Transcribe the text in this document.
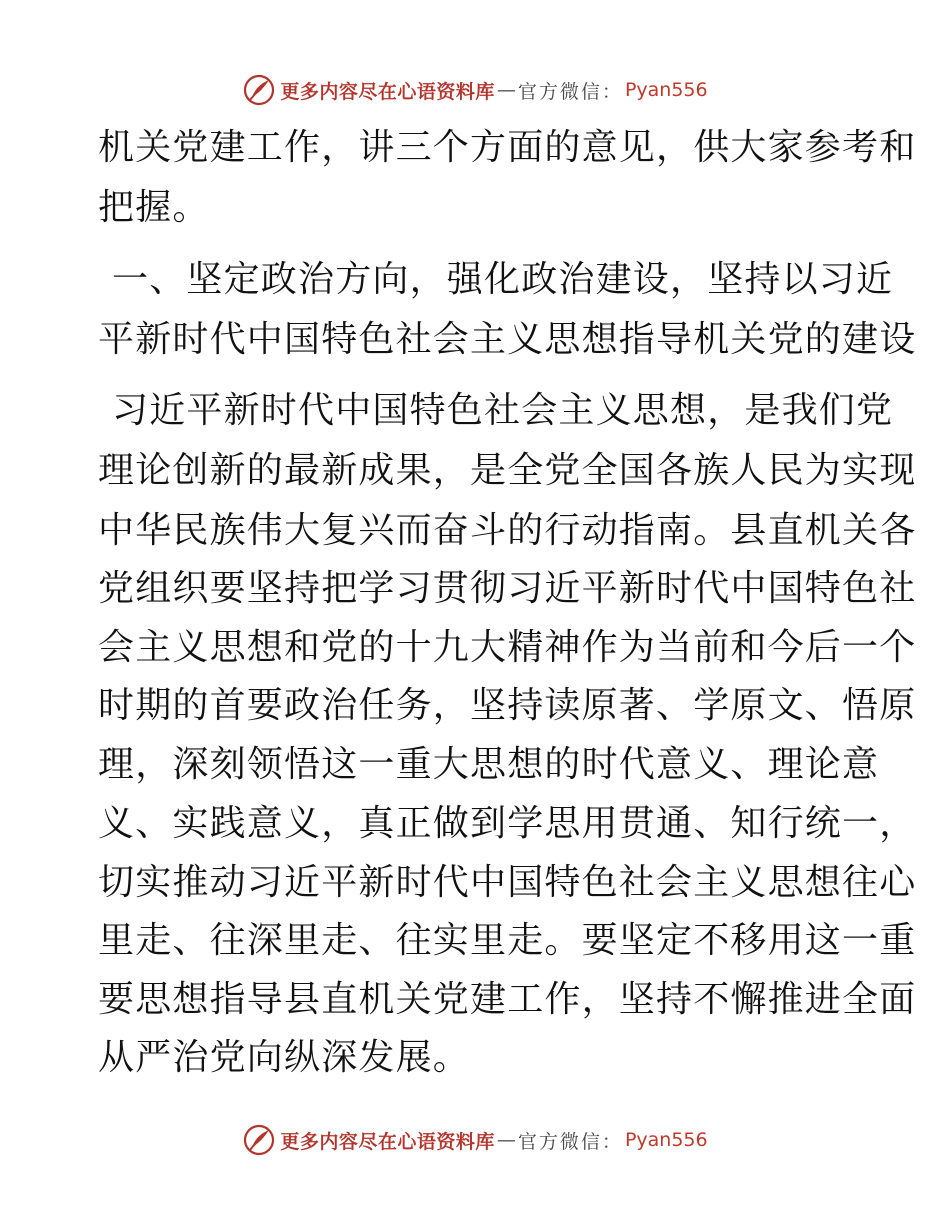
更多内容尽在心语资料库 — 官方微信： Pyan556
机关党建工作，讲三个方面的意见，供大家参考和
把握。
一、坚定政治方向，强化政治建设，坚持以习近
平新时代中国特色社会主义思想指导机关党的建设
习近平新时代中国特色社会主义思想，是我们党
理论创新的最新成果，是全党全国各族人民为实现
中华民族伟大复兴而奋斗的行动指南。县直机关各
党组织要坚持把学习贯彻习近平新时代中国特色社
会主义思想和党的十九大精神作为当前和今后一个
时期的首要政治任务，坚持读原著、学原文、悟原
理，深刻领悟这一重大思想的时代意义、理论意
义、实践意义，真正做到学思用贯通、知行统一，
切实推动习近平新时代中国特色社会主义思想往心
里走、往深里走、往实里走。要坚定不移用这一重
要思想指导县直机关党建工作，坚持不懈推进全面
从严治党向纵深发展。
更多内容尽在心语资料库 — 官方微信： Pyan556
